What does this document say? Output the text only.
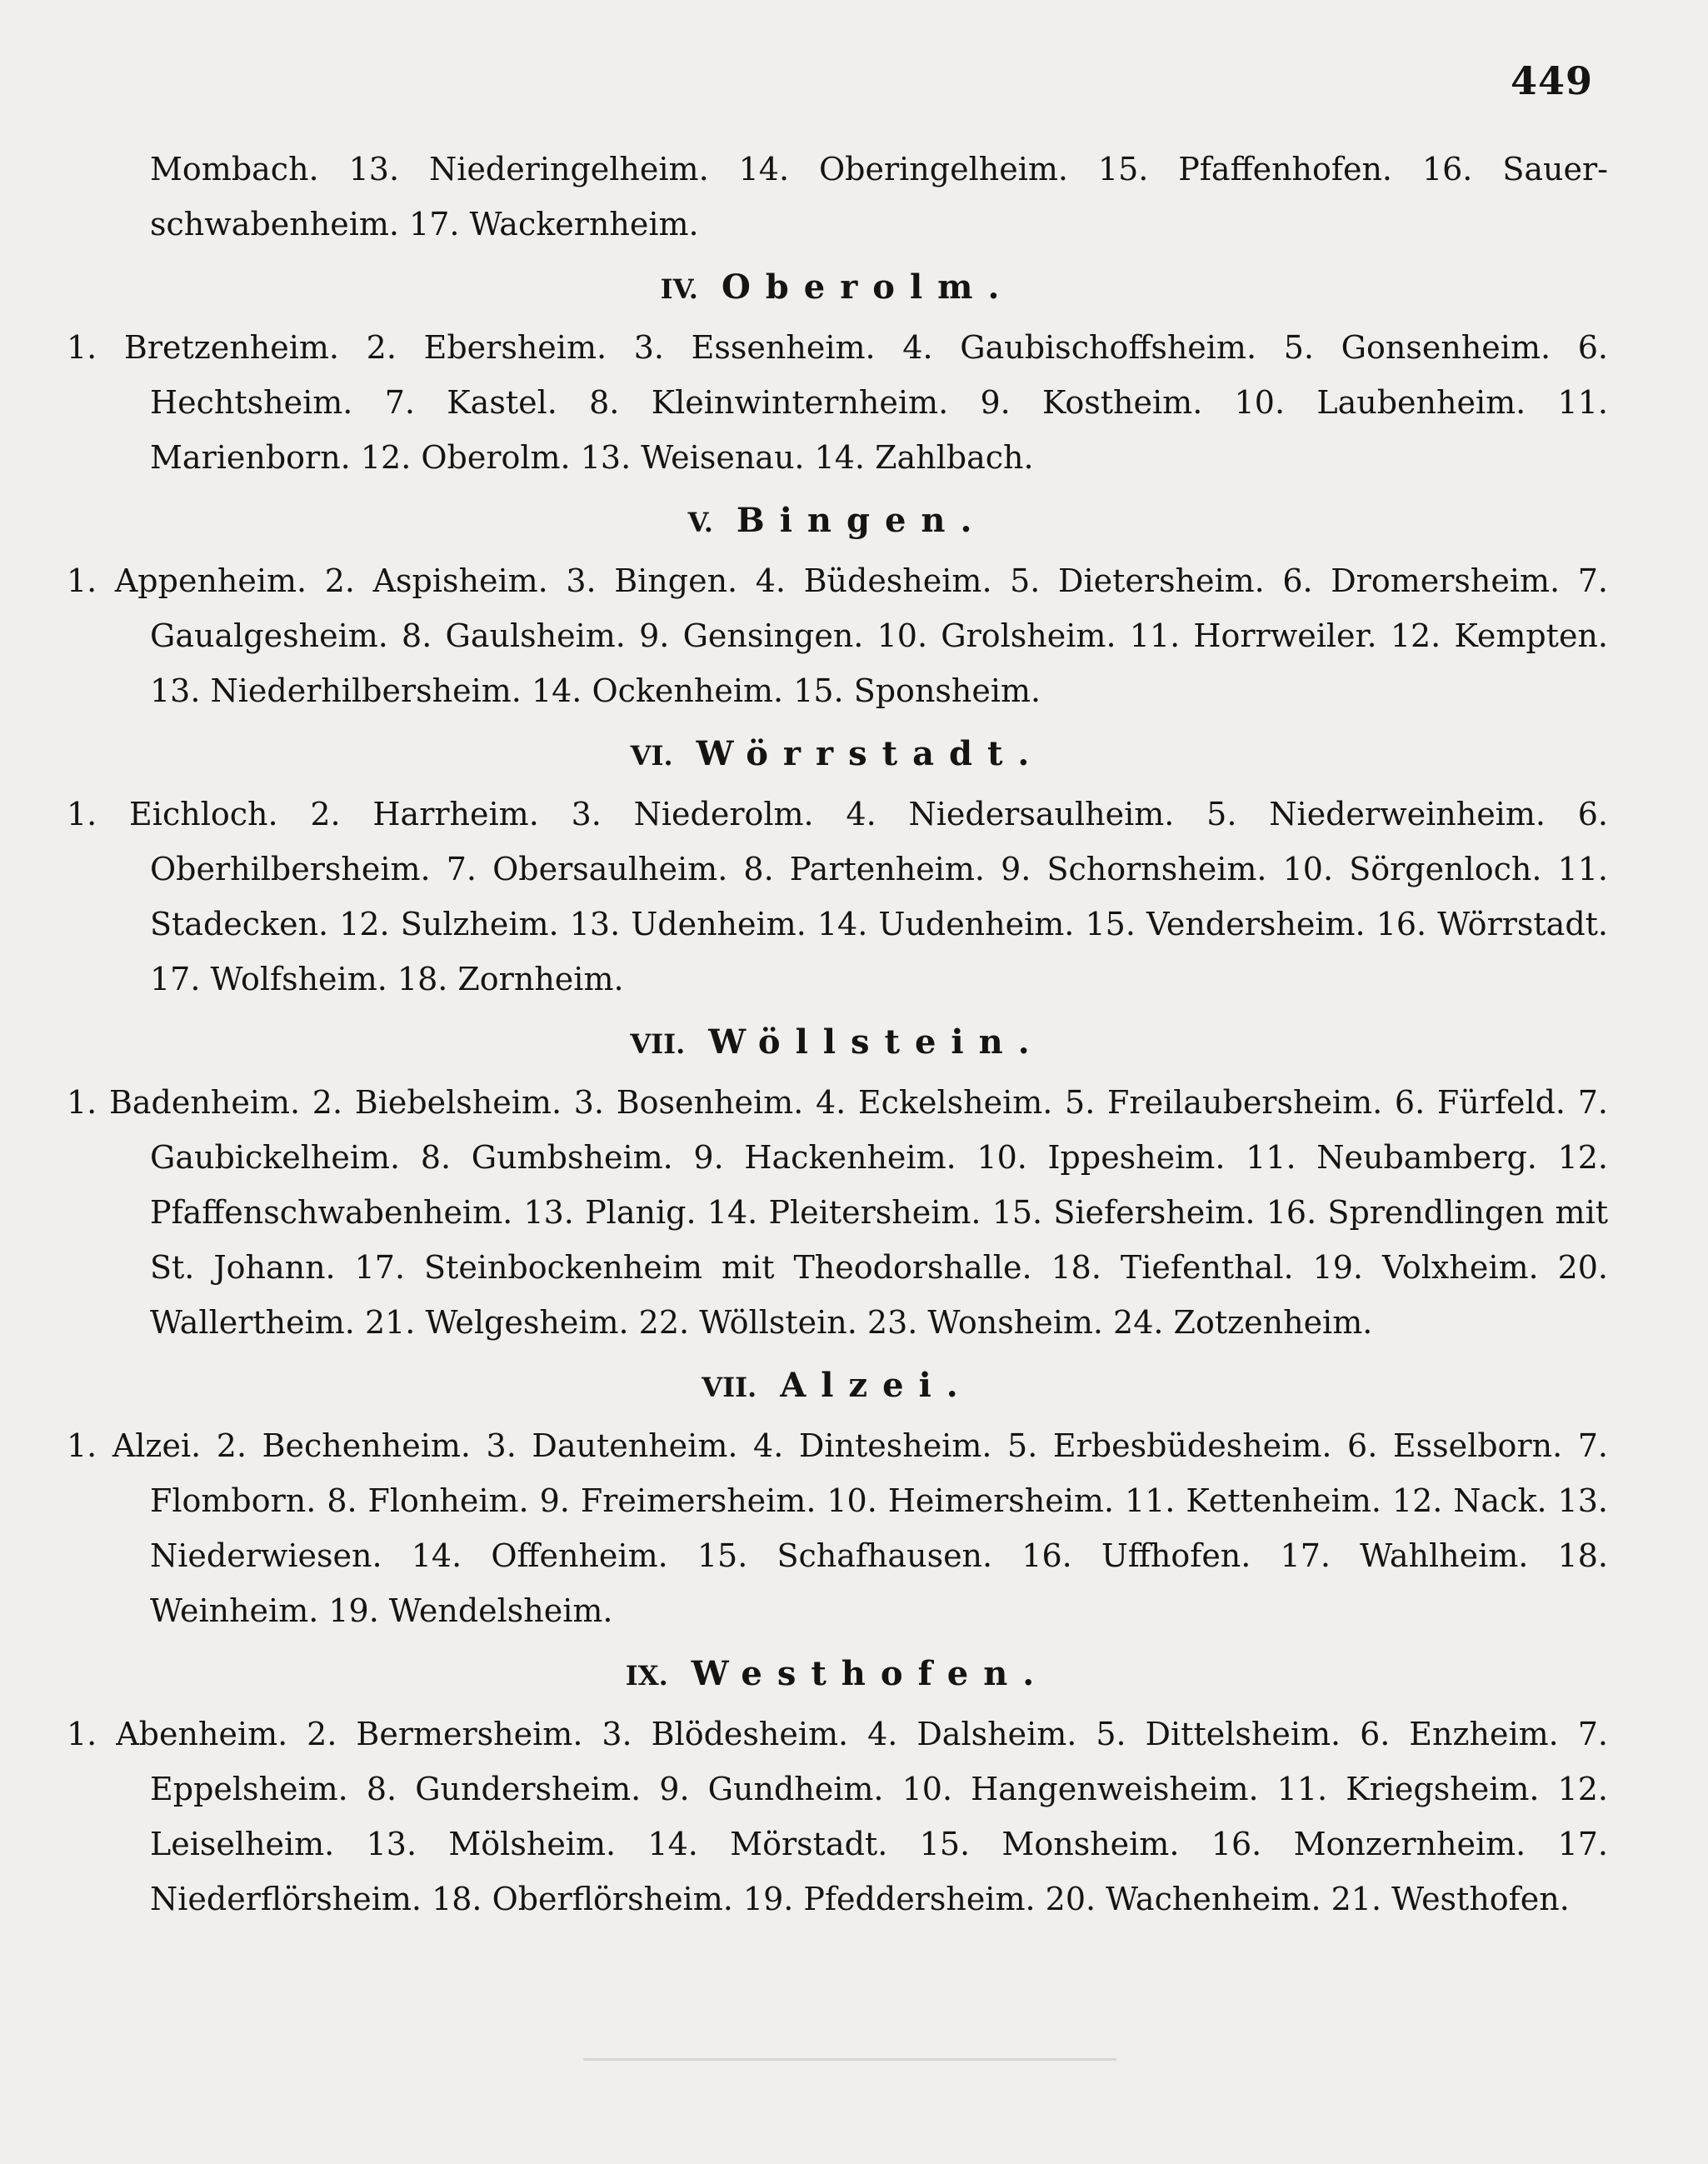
449

Mombach. 13. Niederingelheim. 14. Oberingelheim. 15. Pfaffenhofen. 16. Sauer-schwabenheim. 17. Wackernheim.

IV. Oberolm.

1. Bretzenheim. 2. Ebersheim. 3. Essenheim. 4. Gaubischoffsheim. 5. Gonsenheim. 6. Hechtsheim. 7. Kastel. 8. Kleinwinternheim. 9. Kostheim. 10. Laubenheim. 11. Marienborn. 12. Oberolm. 13. Weisenau. 14. Zahlbach.

V. Bingen.

1. Appenheim. 2. Aspisheim. 3. Bingen. 4. Büdesheim. 5. Dietersheim. 6. Dromersheim. 7. Gaualgesheim. 8. Gaulsheim. 9. Gensingen. 10. Grolsheim. 11. Horrweiler. 12. Kempten. 13. Niederhilbersheim. 14. Ockenheim. 15. Sponsheim.

VI. Wörrstadt.

1. Eichloch. 2. Harrheim. 3. Niederolm. 4. Niedersaulheim. 5. Niederweinheim. 6. Oberhilbersheim. 7. Obersaulheim. 8. Partenheim. 9. Schornsheim. 10. Sörgenloch. 11. Stadecken. 12. Sulzheim. 13. Udenheim. 14. Uudenheim. 15. Vendersheim. 16. Wörrstadt. 17. Wolfsheim. 18. Zornheim.

VII. Wöllstein.

1. Badenheim. 2. Biebelsheim. 3. Bosenheim. 4. Eckelsheim. 5. Freilaubersheim. 6. Fürfeld. 7. Gaubickelheim. 8. Gumbsheim. 9. Hackenheim. 10. Ippesheim. 11. Neubamberg. 12. Pfaffenschwabenheim. 13. Planig. 14. Pleitersheim. 15. Siefersheim. 16. Sprendlingen mit St. Johann. 17. Steinbockenheim mit Theodorshalle. 18. Tiefenthal. 19. Volxheim. 20. Wallertheim. 21. Welgesheim. 22. Wöllstein. 23. Wonsheim. 24. Zotzenheim.

VII. Alzei.

1. Alzei. 2. Bechenheim. 3. Dautenheim. 4. Dintesheim. 5. Erbesbüdesheim. 6. Esselborn. 7. Flomborn. 8. Flonheim. 9. Freimersheim. 10. Heimersheim. 11. Kettenheim. 12. Nack. 13. Niederwiesen. 14. Offenheim. 15. Schafhausen. 16. Uffhofen. 17. Wahlheim. 18. Weinheim. 19. Wendelsheim.

IX. Westhofen.

1. Abenheim. 2. Bermersheim. 3. Blödesheim. 4. Dalsheim. 5. Dittelsheim. 6. Enzheim. 7. Eppelsheim. 8. Gundersheim. 9. Gundheim. 10. Hangenweisheim. 11. Kriegsheim. 12. Leiselheim. 13. Mölsheim. 14. Mörstadt. 15. Monsheim. 16. Monzernheim. 17. Niederflörsheim. 18. Oberflörsheim. 19. Pfeddersheim. 20. Wachenheim. 21. Westhofen.
